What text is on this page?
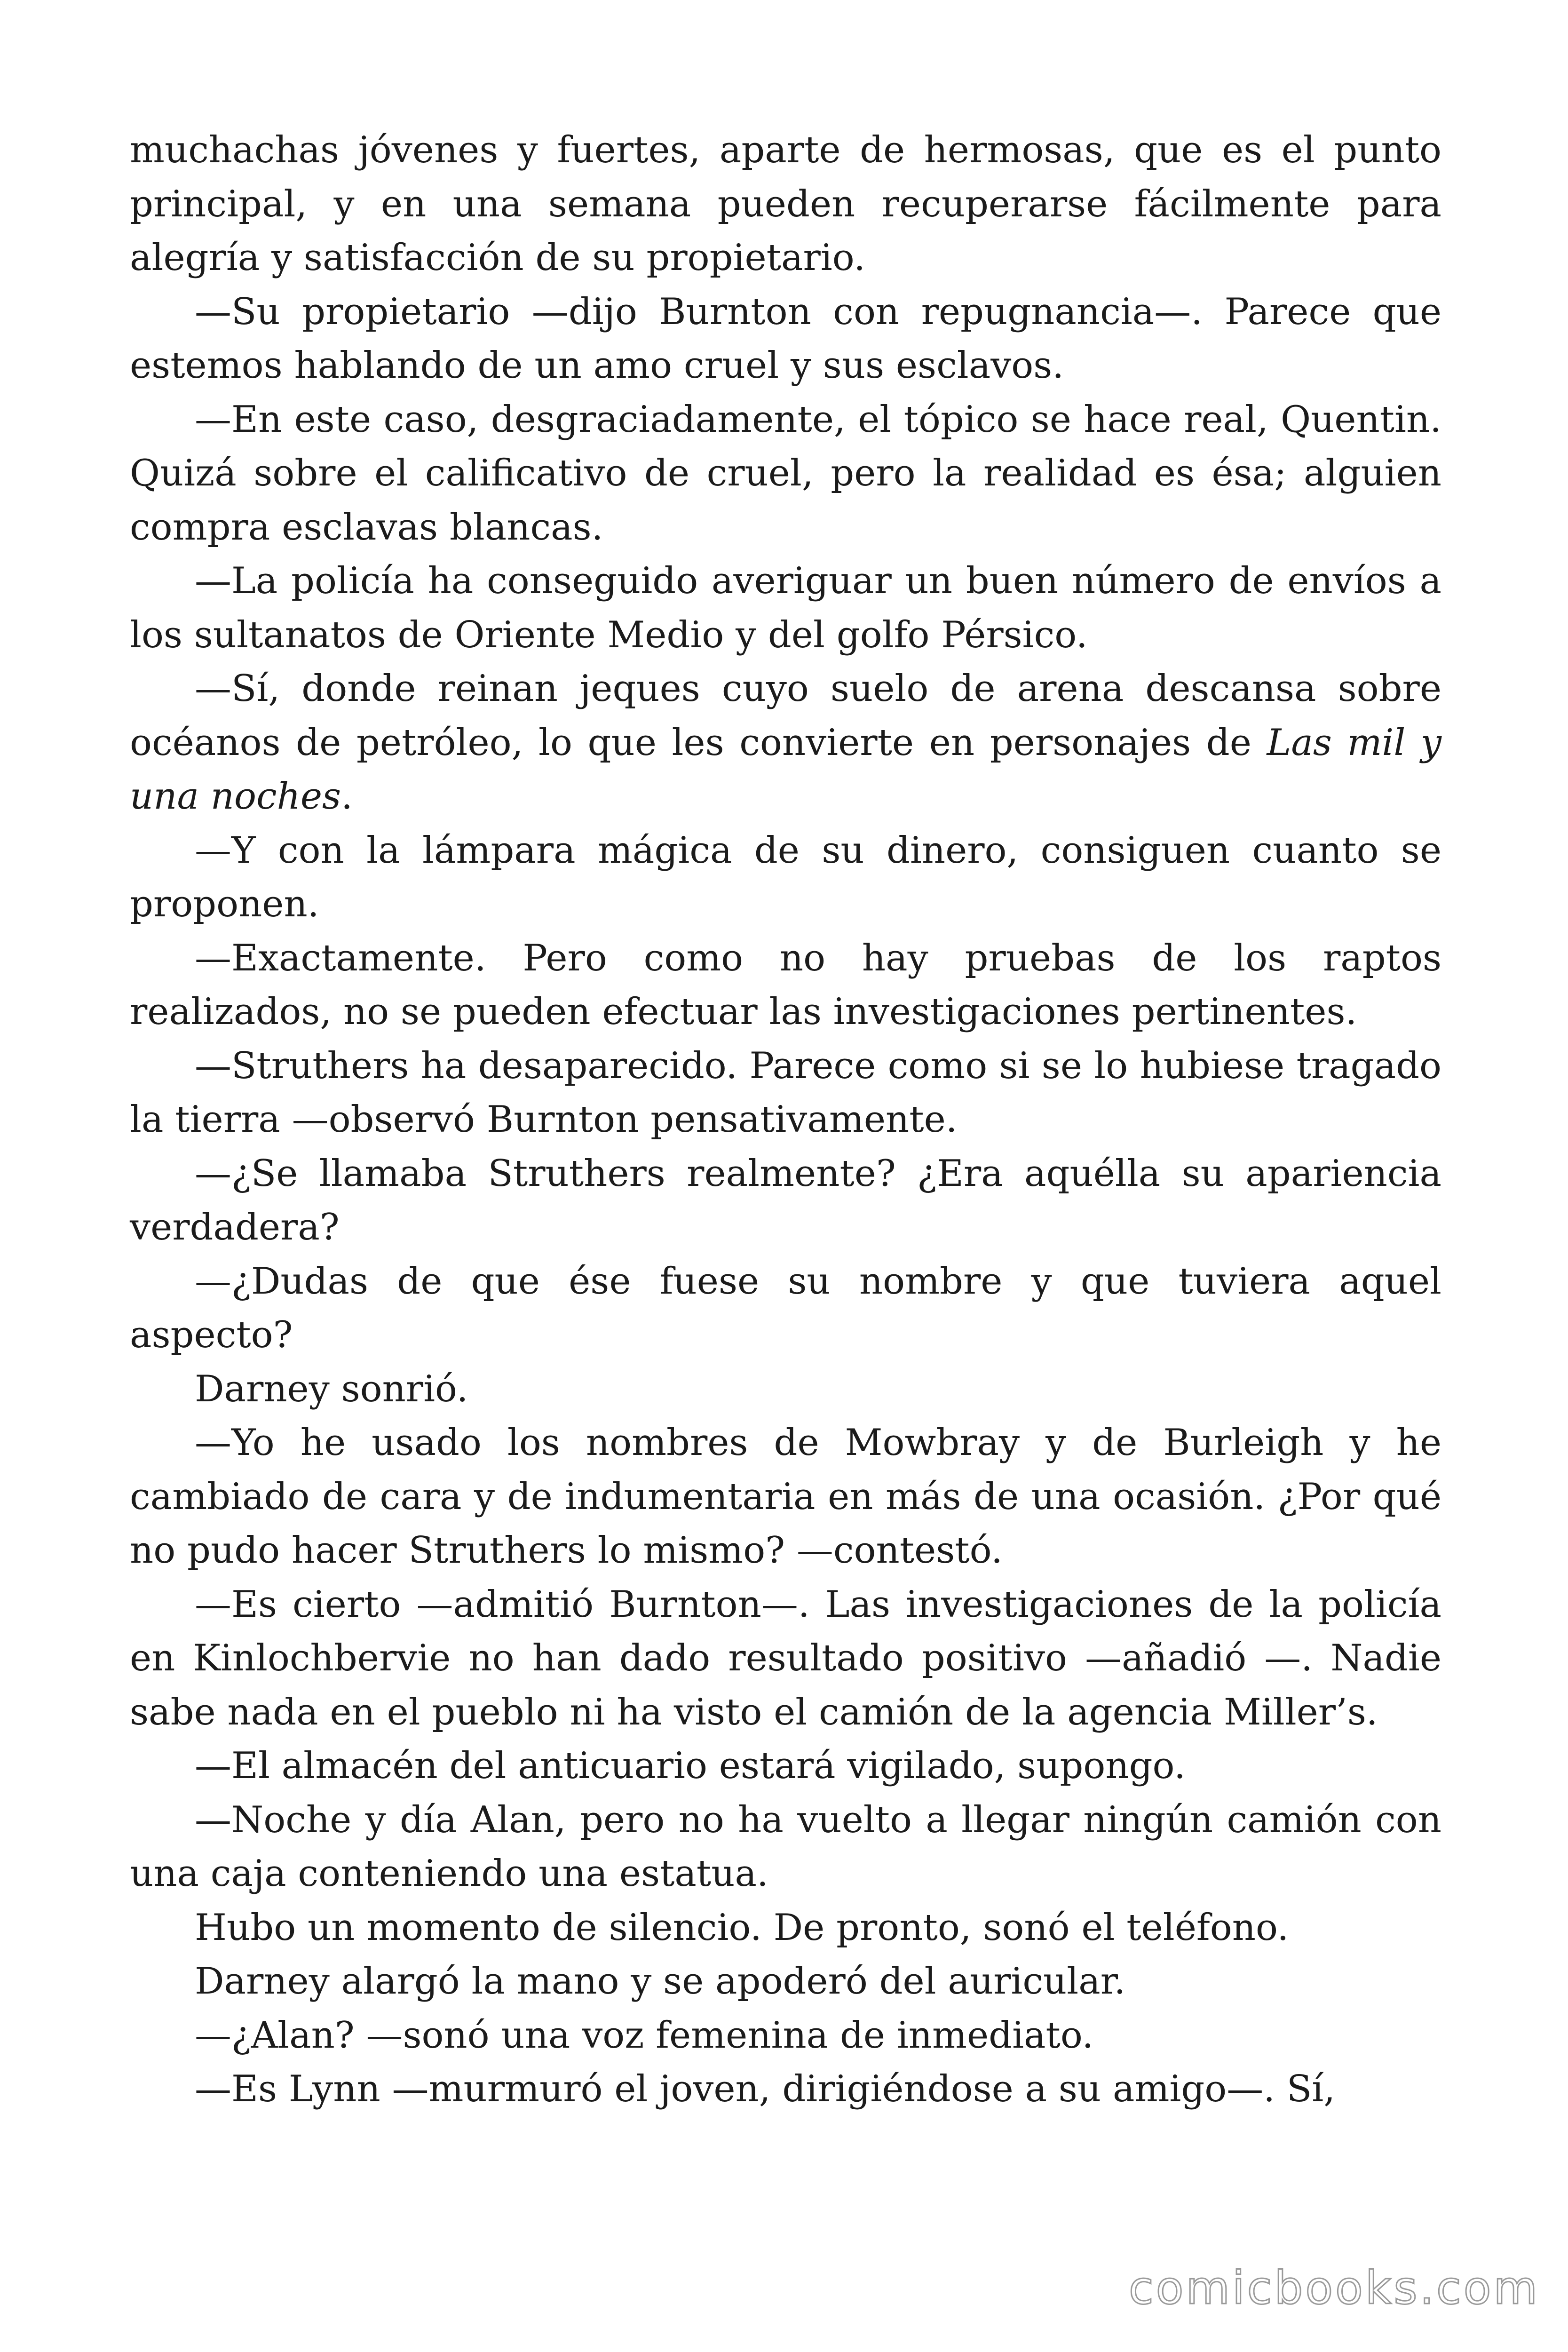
muchachas jóvenes y fuertes, aparte de hermosas, que es el punto principal, y en una semana pueden recuperarse fácilmente para alegría y satisfacción de su propietario.

—Su propietario —dijo Burnton con repugnancia—. Parece que estemos hablando de un amo cruel y sus esclavos.

—En este caso, desgraciadamente, el tópico se hace real, Quentin. Quizá sobre el calificativo de cruel, pero la realidad es ésa; alguien compra esclavas blancas.

—La policía ha conseguido averiguar un buen número de envíos a los sultanatos de Oriente Medio y del golfo Pérsico.

—Sí, donde reinan jeques cuyo suelo de arena descansa sobre océanos de petróleo, lo que les convierte en personajes de Las mil y una noches.

—Y con la lámpara mágica de su dinero, consiguen cuanto se proponen.

—Exactamente. Pero como no hay pruebas de los raptos realizados, no se pueden efectuar las investigaciones pertinentes.

—Struthers ha desaparecido. Parece como si se lo hubiese tragado la tierra —observó Burnton pensativamente.

—¿Se llamaba Struthers realmente? ¿Era aquélla su apariencia verdadera?

—¿Dudas de que ése fuese su nombre y que tuviera aquel aspecto?

Darney sonrió.

—Yo he usado los nombres de Mowbray y de Burleigh y he cambiado de cara y de indumentaria en más de una ocasión. ¿Por qué no pudo hacer Struthers lo mismo? —contestó.

—Es cierto —admitió Burnton—. Las investigaciones de la policía en Kinlochbervie no han dado resultado positivo —añadió —. Nadie sabe nada en el pueblo ni ha visto el camión de la agencia Miller’s.

—El almacén del anticuario estará vigilado, supongo.

—Noche y día Alan, pero no ha vuelto a llegar ningún camión con una caja conteniendo una estatua.

Hubo un momento de silencio. De pronto, sonó el teléfono.

Darney alargó la mano y se apoderó del auricular.

—¿Alan? —sonó una voz femenina de inmediato.

—Es Lynn —murmuró el joven, dirigiéndose a su amigo—. Sí,

comicbooks.com
